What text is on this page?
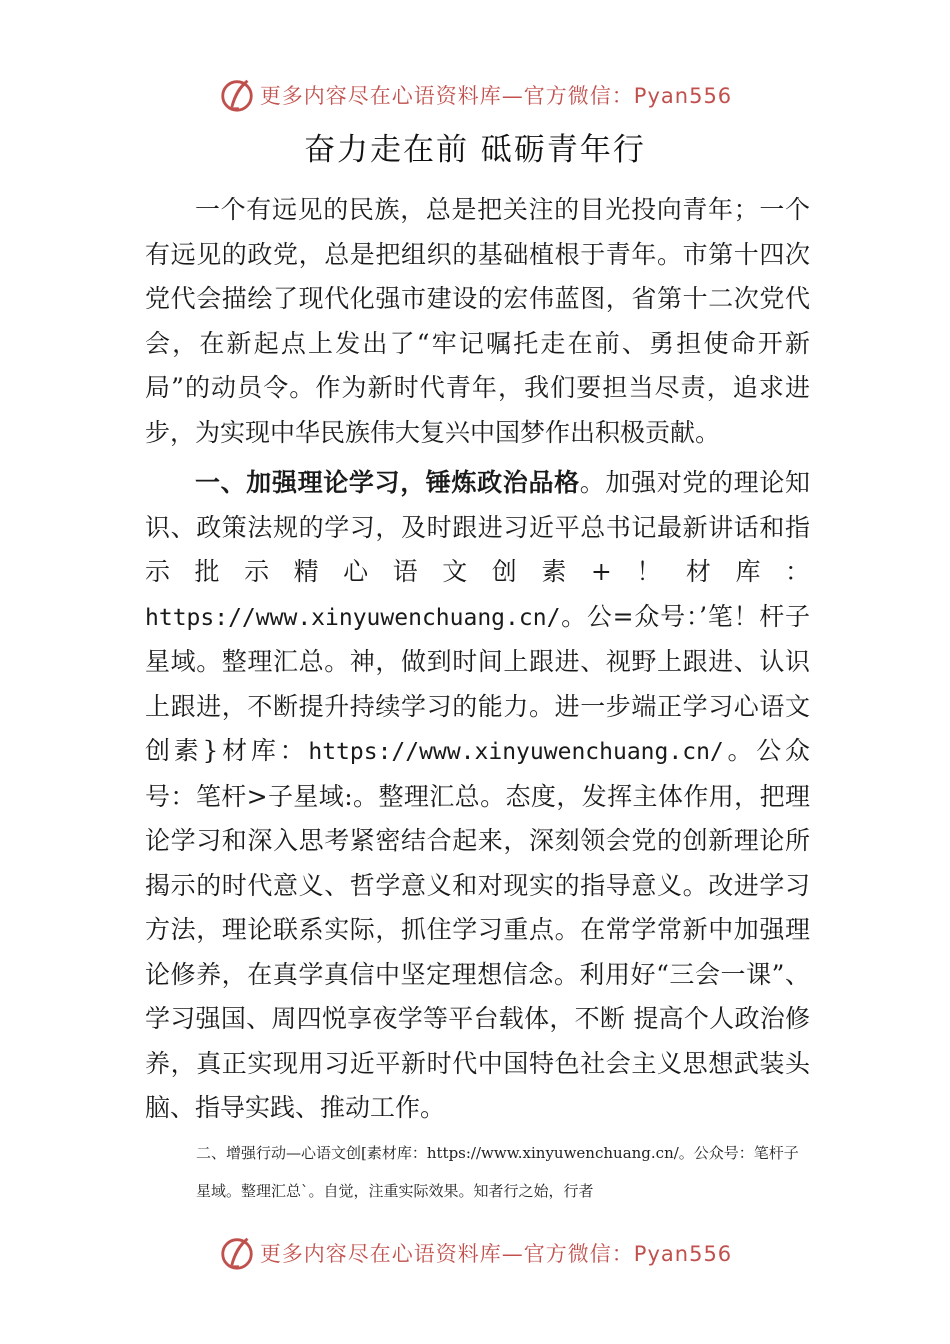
更多内容尽在心语资料库—官方微信：Pyan556
奋力走在前 砥砺青年行

一个有远见的民族，总是把关注的目光投向青年；一个有远见的政党，总是把组织的基础植根于青年。市第十四次党代会描绘了现代化强市建设的宏伟蓝图，省第十二次党代会，在新起点上发出了“牢记嘱托走在前、勇担使命开新局”的动员令。作为新时代青年，我们要担当尽责，追求进步，为实现中华民族伟大复兴中国梦作出积极贡献。

一、加强理论学习，锤炼政治品格。加强对党的理论知识、政策法规的学习，及时跟进习近平总书记最新讲话和指示批示精心语文创素+！材库：https://www.xinyuwenchuang.cn/。公=众号：’笔！杆子星域。整理汇总。神，做到时间上跟进、视野上跟进、认识上跟进，不断提升持续学习的能力。进一步端正学习心语文创素}材库：https://www.xinyuwenchuang.cn/。公众号：笔杆>子星域:。整理汇总。态度，发挥主体作用，把理论学习和深入思考紧密结合起来，深刻领会党的创新理论所揭示的时代意义、哲学意义和对现实的指导意义。改进学习方法，理论联系实际，抓住学习重点。在常学常新中加强理论修养，在真学真信中坚定理想信念。利用好“三会一课”、学习强国、周四悦享夜学等平台载体，不断 提高个人政治修养，真正实现用习近平新时代中国特色社会主义思想武装头脑、指导实践、推动工作。

二、增强行动—心语文创[素材库：https://www.xinyuwenchuang.cn/。公众号：笔杆子星域。整理汇总`。自觉，注重实际效果。知者行之始，行者

更多内容尽在心语资料库—官方微信：Pyan556
